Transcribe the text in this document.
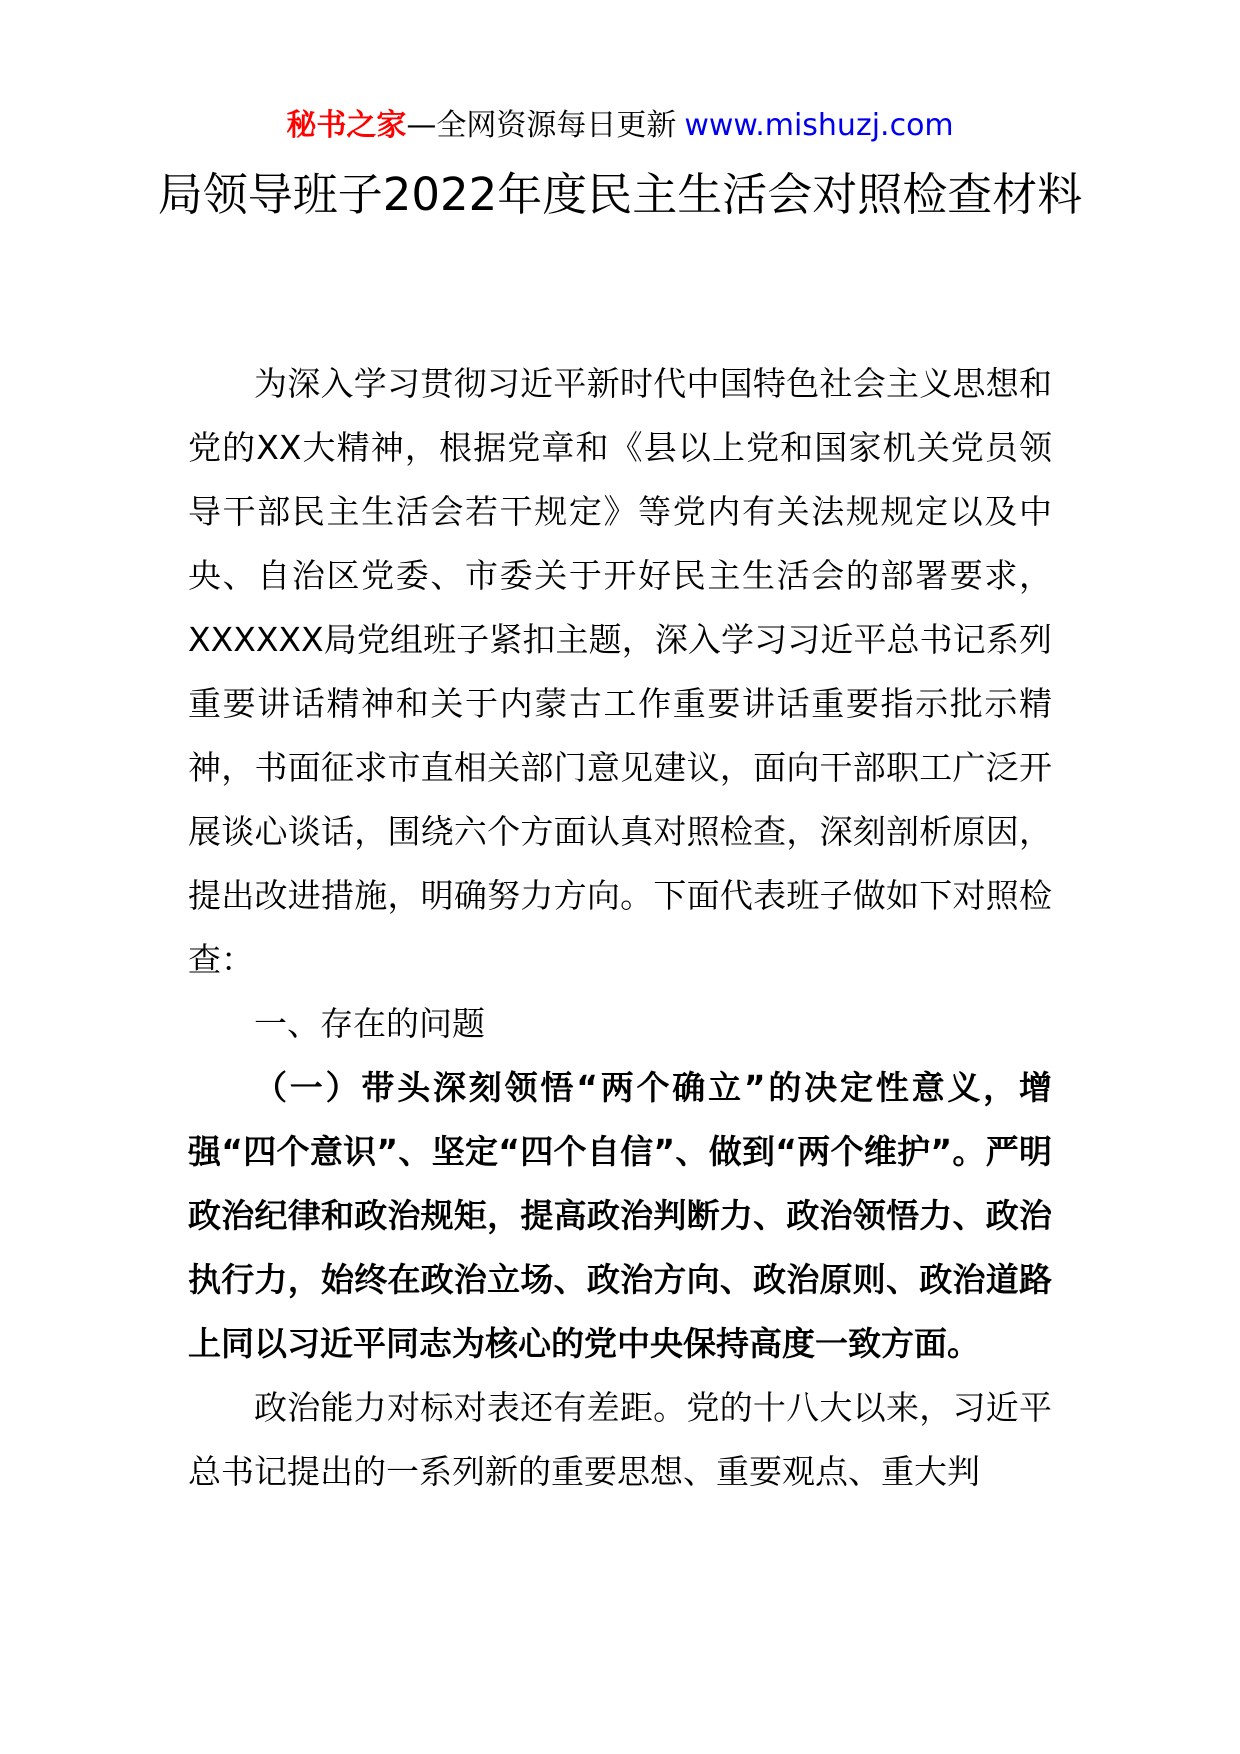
秘书之家—全网资源每日更新 www.mishuzj.com
局领导班子2022年度民主生活会对照检查材料

为深入学习贯彻习近平新时代中国特色社会主义思想和党的XX大精神，根据党章和《县以上党和国家机关党员领导干部民主生活会若干规定》等党内有关法规规定以及中央、自治区党委、市委关于开好民主生活会的部署要求，XXXXXX局党组班子紧扣主题，深入学习习近平总书记系列重要讲话精神和关于内蒙古工作重要讲话重要指示批示精神，书面征求市直相关部门意见建议，面向干部职工广泛开展谈心谈话，围绕六个方面认真对照检查，深刻剖析原因，提出改进措施，明确努力方向。下面代表班子做如下对照检查：

一、存在的问题

（一）带头深刻领悟“两个确立”的决定性意义，增强“四个意识”、坚定“四个自信”、做到“两个维护”。严明政治纪律和政治规矩，提高政治判断力、政治领悟力、政治执行力，始终在政治立场、政治方向、政治原则、政治道路上同以习近平同志为核心的党中央保持高度一致方面。

政治能力对标对表还有差距。党的十八大以来，习近平总书记提出的一系列新的重要思想、重要观点、重大判
